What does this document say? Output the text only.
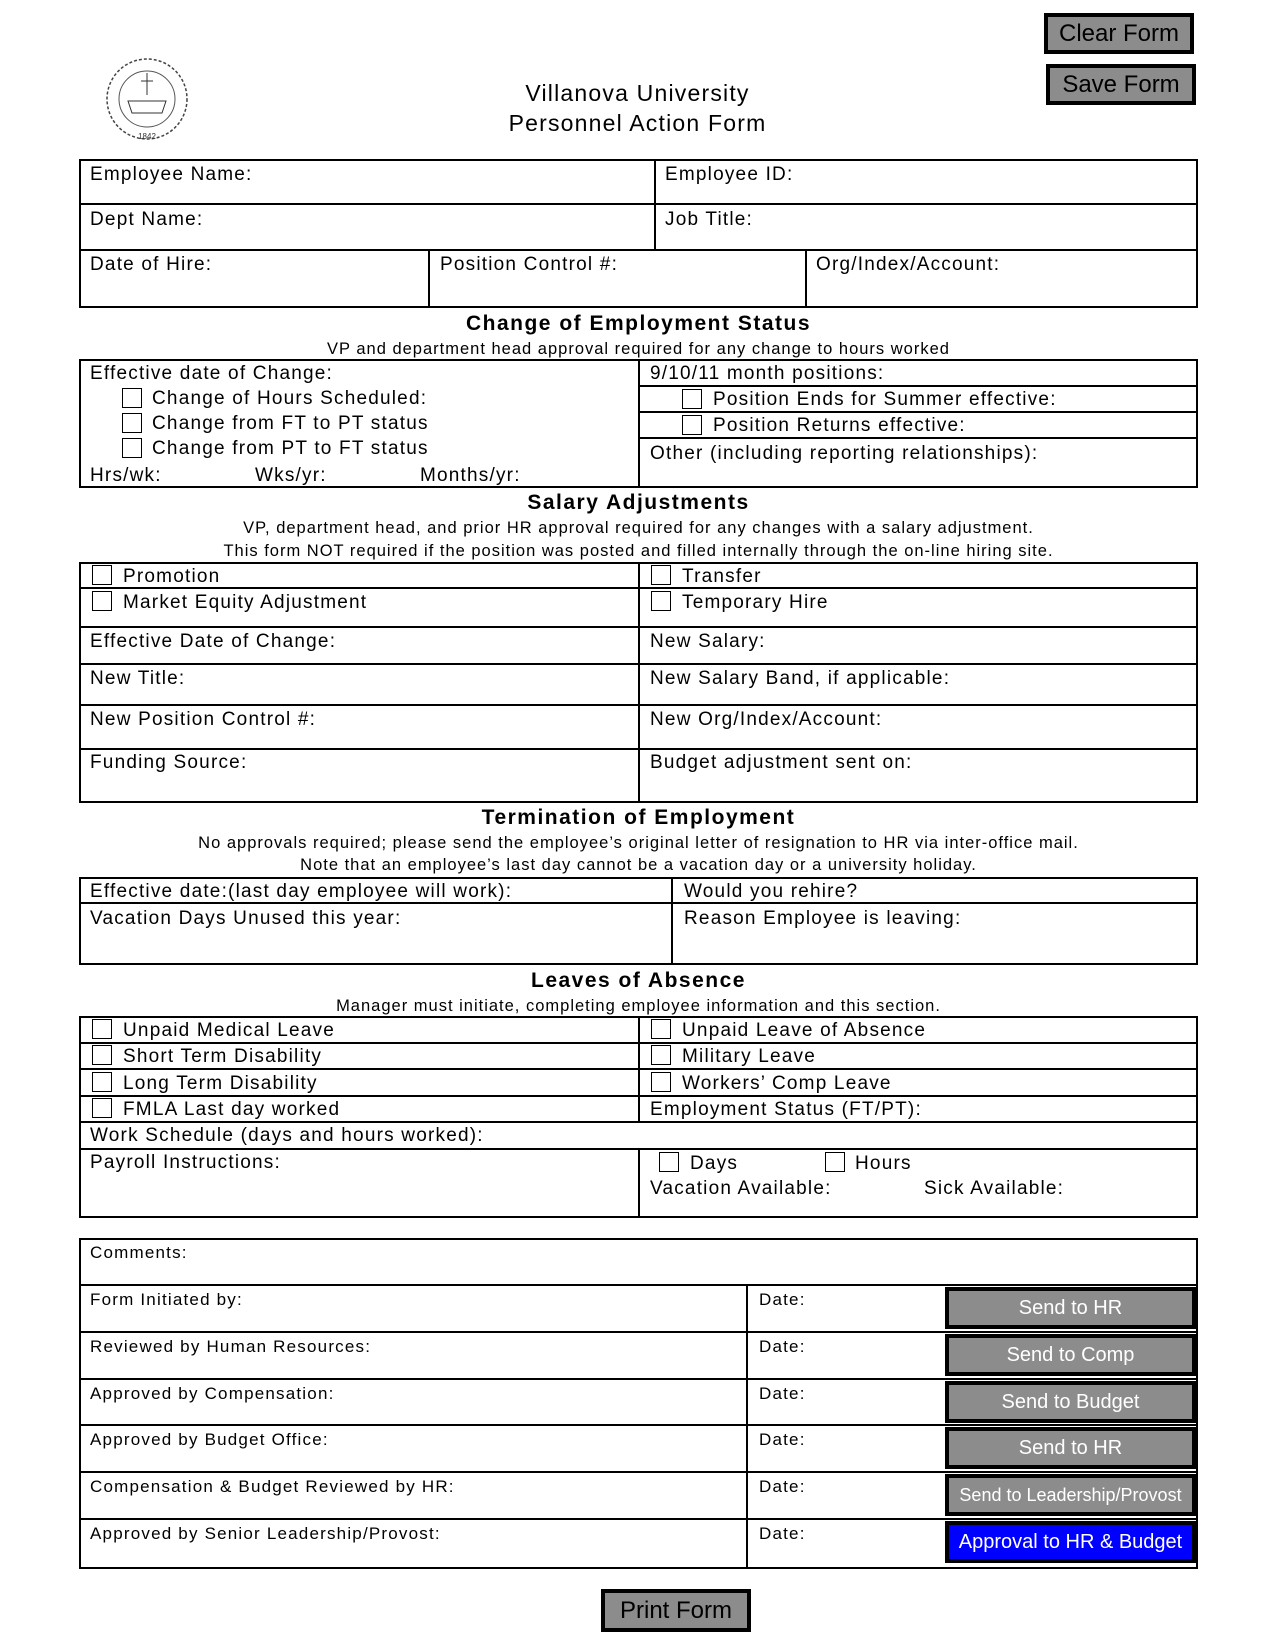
1842
Villanova University
Personnel Action Form
Clear Form
Save Form
Employee Name:	Employee ID:
Dept Name:	Job Title:
Date of Hire:	Position Control #:	Org/Index/Account:
Change of Employment Status
VP and department head approval required for any change to hours worked
Effective date of Change:
Change of Hours Scheduled:
Change from FT to PT status
Change from PT to FT status
Hrs/wk:	Wks/yr:	Months/yr:
9/10/11 month positions:
Position Ends for Summer effective:
Position Returns effective:
Other (including reporting relationships):
Salary Adjustments
VP, department head, and prior HR approval required for any changes with a salary adjustment.
This form NOT required if the position was posted and filled internally through the on-line hiring site.
Promotion
Market Equity Adjustment
Transfer
Temporary Hire
Effective Date of Change:	New Salary:
New Title:	New Salary Band, if applicable:
New Position Control #:	New Org/Index/Account:
Funding Source:	Budget adjustment sent on:
Termination of Employment
No approvals required; please send the employee’s original letter of resignation to HR via inter-office mail.
Note that an employee’s last day cannot be a vacation day or a university holiday.
Effective date:(last day employee will work):	Would you rehire?
Vacation Days Unused this year:	Reason Employee is leaving:
Leaves of Absence
Manager must initiate, completing employee information and this section.
Unpaid Medical Leave
Short Term Disability
Long Term Disability
FMLA Last day worked
Unpaid Leave of Absence
Military Leave
Workers’ Comp Leave
Employment Status (FT/PT):
Work Schedule (days and hours worked):
Payroll Instructions:	Days	Hours
Vacation Available:	Sick Available:
Comments:
Form Initiated by:	Date:	Send to HR
Reviewed by Human Resources:	Date:	Send to Comp
Approved by Compensation:	Date:	Send to Budget
Approved by Budget Office:	Date:	Send to HR
Compensation & Budget Reviewed by HR:	Date:	Send to Leadership/Provost
Approved by Senior Leadership/Provost:	Date:	Approval to HR & Budget
Print Form
